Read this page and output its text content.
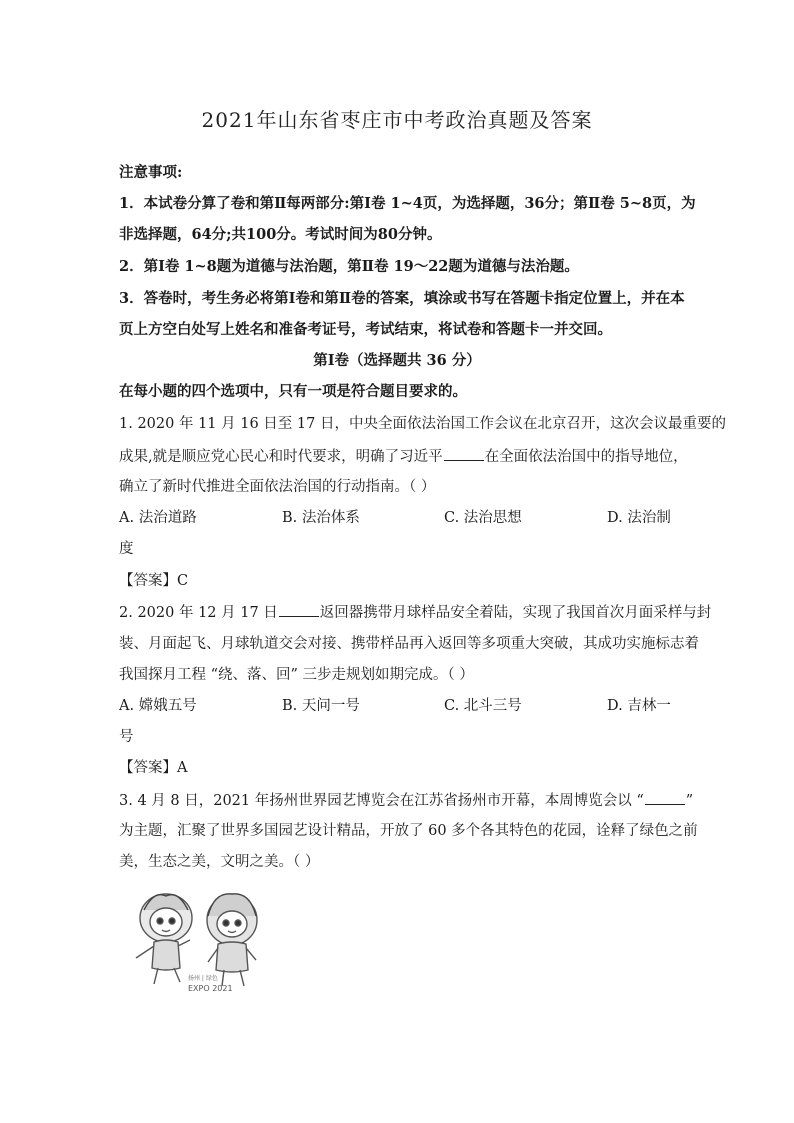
2021年山东省枣庄市中考政治真题及答案
注意事项:
1．本试卷分算了卷和第Ⅱ每两部分:第Ⅰ卷 1~4页，为选择题，36分；第Ⅱ卷 5~8页，为
非选择题，64分;共100分。考试时间为80分钟。
2．第Ⅰ卷 1~8题为道德与法治题，第Ⅱ卷 19～22题为道德与法治题。
3．答卷时，考生务必将第Ⅰ卷和第Ⅱ卷的答案，填涂或书写在答题卡指定位置上，并在本
页上方空白处写上姓名和准备考证号，考试结束，将试卷和答题卡一并交回。
第Ⅰ卷（选择题共 36 分）
在每小题的四个选项中，只有一项是符合题目要求的。
1. 2020 年 11 月 16 日至 17 日，中央全面依法治国工作会议在北京召开，这次会议最重要的
成果,就是顺应党心民心和时代要求，明确了习近平	在全面依法治国中的指导地位，
确立了新时代推进全面依法治国的行动指南。（ ）
A. 法治道路	B. 法治体系	C. 法治思想	D. 法治制
度
【答案】C
2. 2020 年 12 月 17 日	返回器携带月球样品安全着陆，实现了我国首次月面采样与封
装、月面起飞、月球轨道交会对接、携带样品再入返回等多项重大突破，其成功实施标志着
我国探月工程 “绕、落、回” 三步走规划如期完成。（ ）
A. 嫦娥五号	B. 天问一号	C. 北斗三号	D. 吉林一
号
【答案】A
3. 4 月 8 日，2021 年扬州世界园艺博览会在江苏省扬州市开幕，本周博览会以 “	”
为主题，汇聚了世界多国园艺设计精品，开放了 60 多个各其特色的花园，诠释了绿色之前
美，生态之美，文明之美。（ ）
扬州 | 绿色
EXPO 2021
